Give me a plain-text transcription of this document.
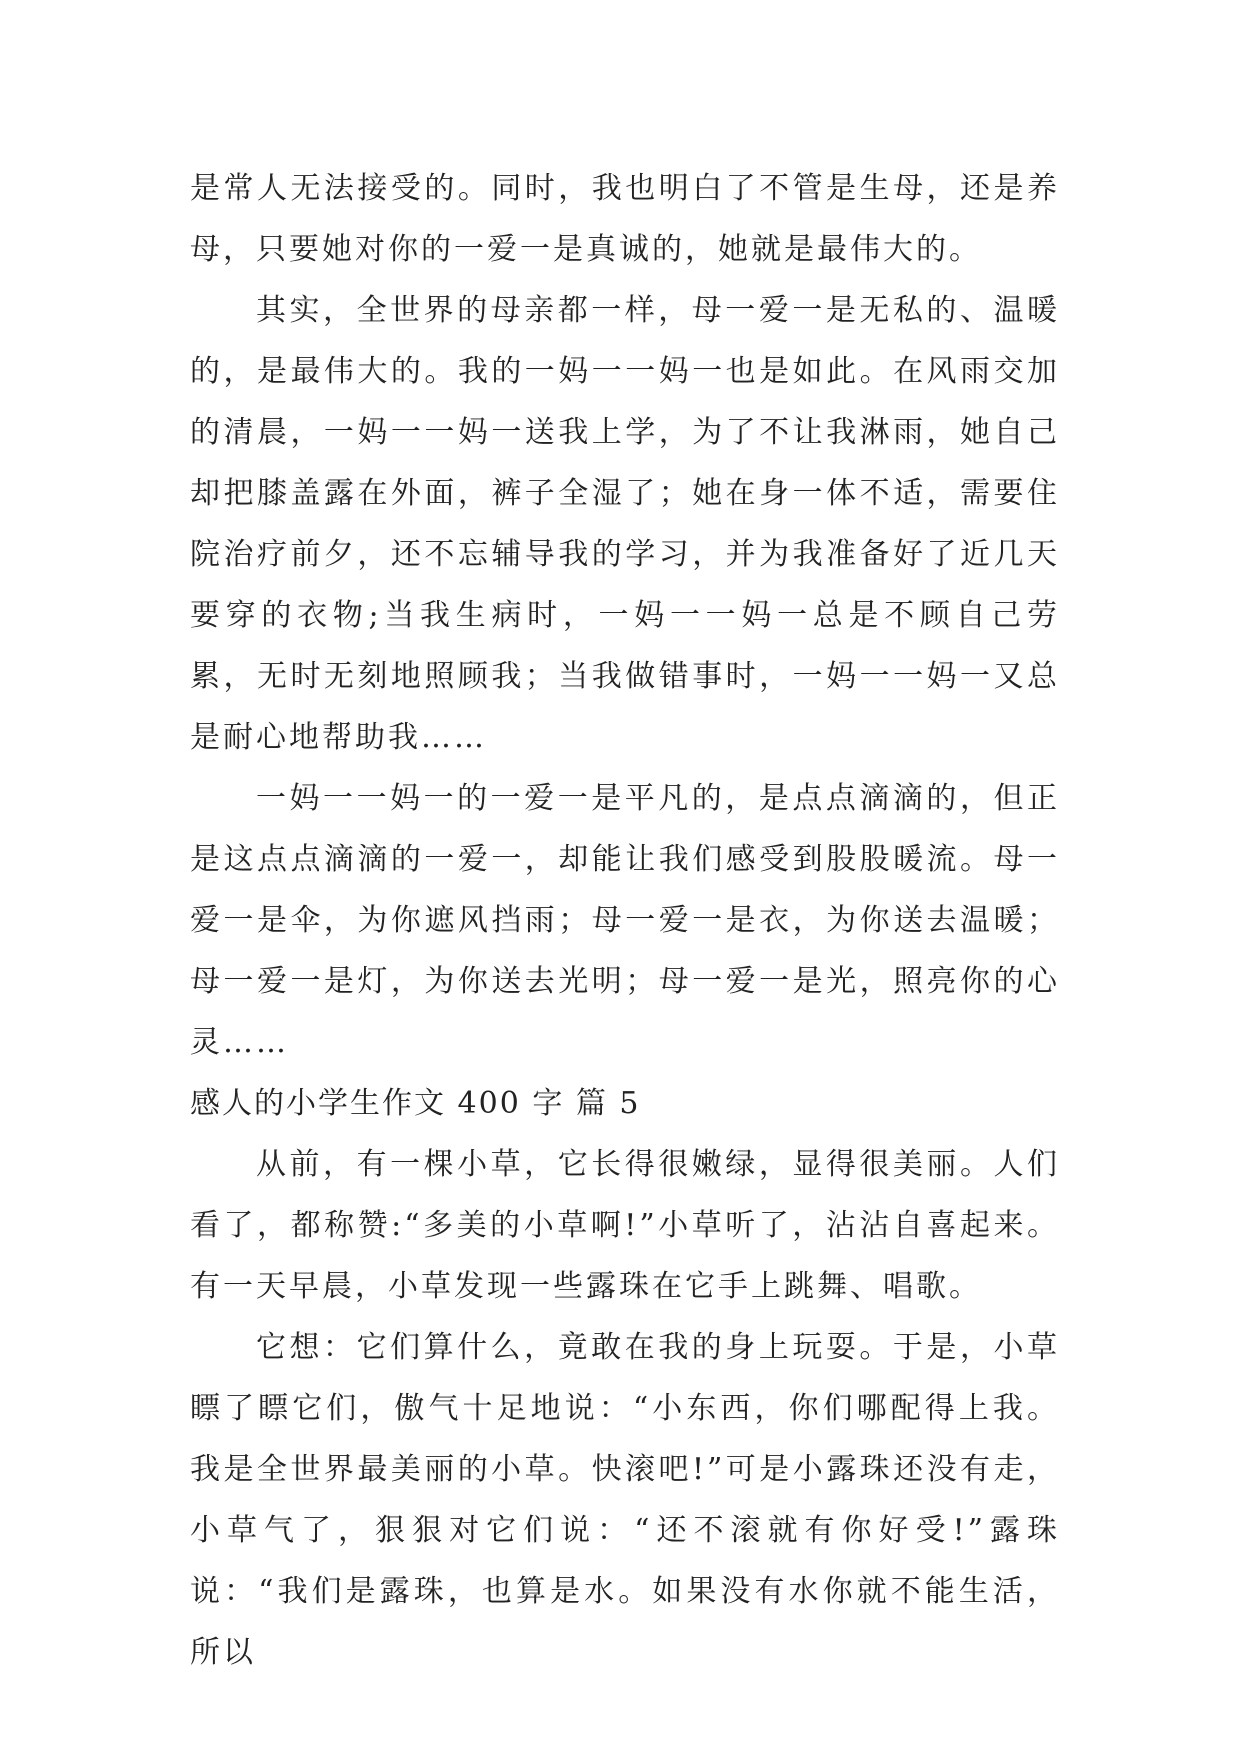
是常人无法接受的。同时，我也明白了不管是生母，还是养母，只要她对你的一爱一是真诚的，她就是最伟大的。

其实，全世界的母亲都一样，母一爱一是无私的、温暖的，是最伟大的。我的一妈一一妈一也是如此。在风雨交加的清晨，一妈一一妈一送我上学，为了不让我淋雨，她自己却把膝盖露在外面，裤子全湿了；她在身一体不适，需要住院治疗前夕，还不忘辅导我的学习，并为我准备好了近几天要穿的衣物;当我生病时，一妈一一妈一总是不顾自己劳累，无时无刻地照顾我；当我做错事时，一妈一一妈一又总是耐心地帮助我……

一妈一一妈一的一爱一是平凡的，是点点滴滴的，但正是这点点滴滴的一爱一，却能让我们感受到股股暖流。母一爱一是伞，为你遮风挡雨；母一爱一是衣，为你送去温暖；母一爱一是灯，为你送去光明；母一爱一是光，照亮你的心灵……

感人的小学生作文 400 字 篇 5

从前，有一棵小草，它长得很嫩绿，显得很美丽。人们看了，都称赞:“多美的小草啊!”小草听了，沾沾自喜起来。有一天早晨，小草发现一些露珠在它手上跳舞、唱歌。

它想：它们算什么，竟敢在我的身上玩耍。于是，小草瞟了瞟它们，傲气十足地说：“小东西，你们哪配得上我。我是全世界最美丽的小草。快滚吧!”可是小露珠还没有走，小草气了，狠狠对它们说：“还不滚就有你好受!”露珠说：“我们是露珠，也算是水。如果没有水你就不能生活，所以
